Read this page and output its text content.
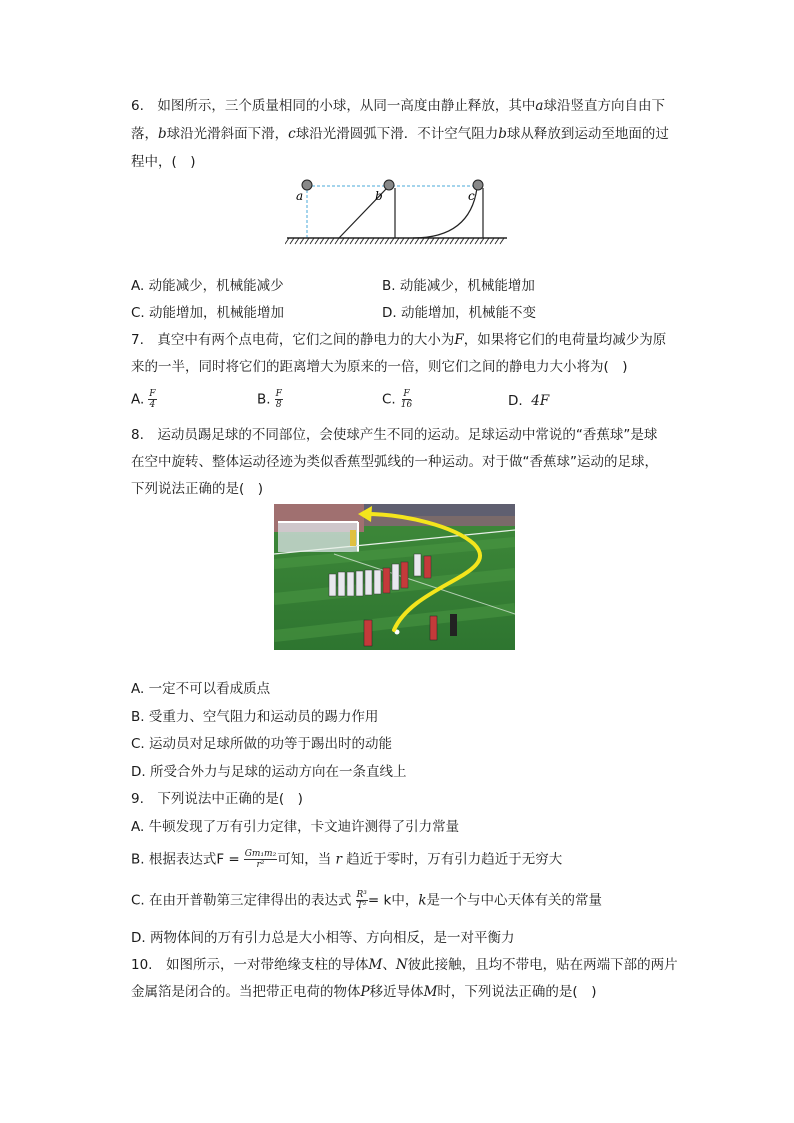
6.　如图所示，三个质量相同的小球，从同一高度由静止释放，其中a球沿竖直方向自由下
落，b球沿光滑斜面下滑，c球沿光滑圆弧下滑．不计空气阻力b球从释放到运动至地面的过
程中，(　)
a	b	c
A. 动能减少，机械能减少	B. 动能减少，机械能增加
C. 动能增加，机械能增加	D. 动能增加，机械能不变
7.　真空中有两个点电荷，它们之间的静电力的大小为F，如果将它们的电荷量均减少为原
来的一半，同时将它们的距离增大为原来的一倍，则它们之间的静电力大小将为(　)
A. $\frac{F}{4}$	B. $\frac{F}{8}$	C. $\frac{F}{16}$	D. 4F
8.　运动员踢足球的不同部位，会使球产生不同的运动。足球运动中常说的“香蕉球”是球
在空中旋转、整体运动径迹为类似香蕉型弧线的一种运动。对于做“香蕉球”运动的足球，
下列说法正确的是(　)
A. 一定不可以看成质点
B. 受重力、空气阻力和运动员的踢力作用
C. 运动员对足球所做的功等于踢出时的动能
D. 所受合外力与足球的运动方向在一条直线上
9.　下列说法中正确的是(　)
A. 牛顿发现了万有引力定律，卡文迪许测得了引力常量
B. 根据表达式$F = \frac{\text{Gm₁m₂}}{\text{r²}}$ 可知，当 r 趋近于零时，万有引力趋近于无穷大
C. 在由开普勒第三定律得出的表达式 $\frac{\text{R³}}{\text{T²}} = k$中，k是一个与中心天体有关的常量
D. 两物体间的万有引力总是大小相等、方向相反，是一对平衡力
10.　如图所示，一对带绝缘支柱的导体M、N彼此接触，且均不带电，贴在两端下部的两片
金属箔是闭合的。当把带正电荷的物体P移近导体M时，下列说法正确的是(　)
